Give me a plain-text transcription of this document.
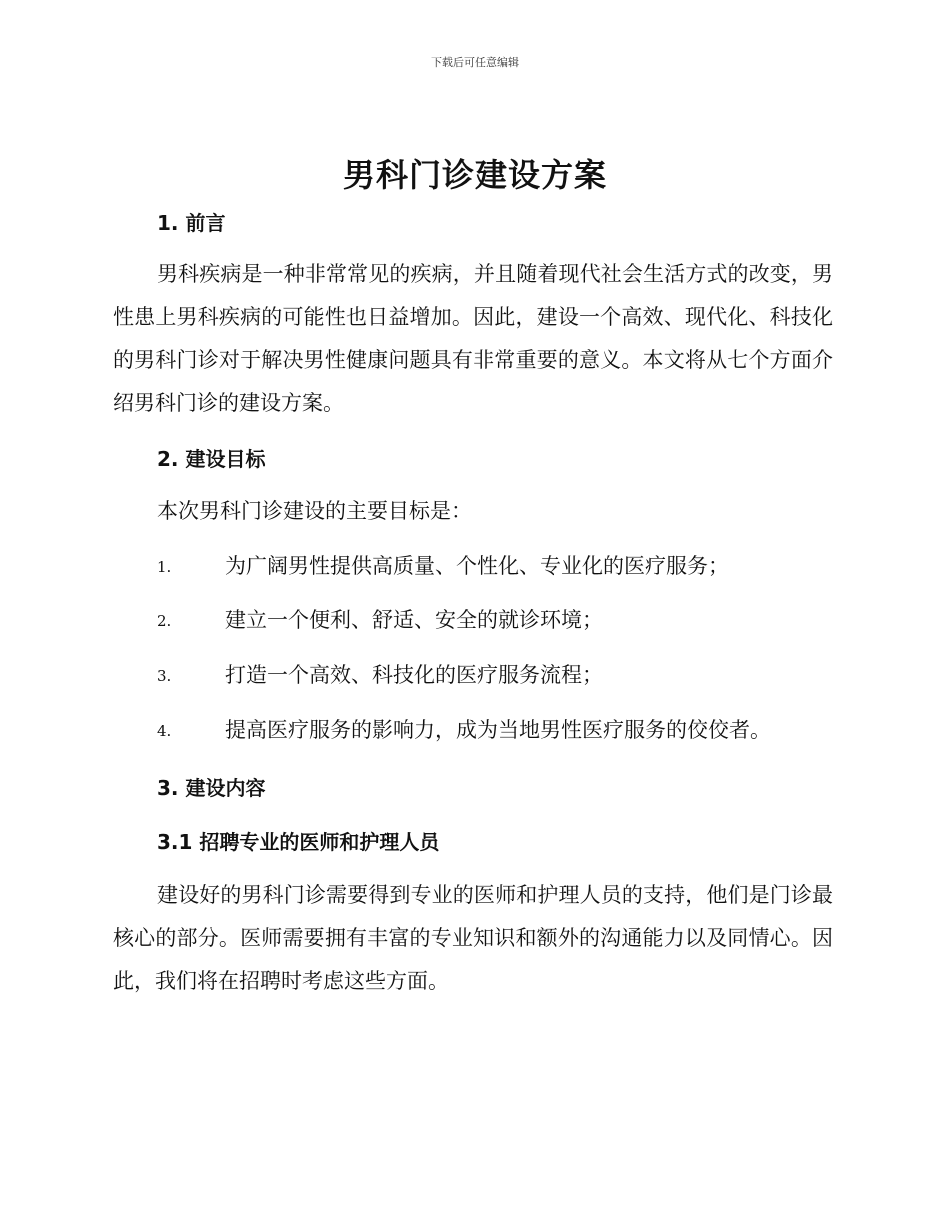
下载后可任意编辑
男科门诊建设方案
1. 前言
男科疾病是一种非常常见的疾病，并且随着现代社会生活方式的改变，男性患上男科疾病的可能性也日益增加。因此，建设一个高效、现代化、科技化的男科门诊对于解决男性健康问题具有非常重要的意义。本文将从七个方面介绍男科门诊的建设方案。
2. 建设目标
本次男科门诊建设的主要目标是：
1.	为广阔男性提供高质量、个性化、专业化的医疗服务；
2.	建立一个便利、舒适、安全的就诊环境；
3.	打造一个高效、科技化的医疗服务流程；
4.	提高医疗服务的影响力，成为当地男性医疗服务的佼佼者。
3. 建设内容
3.1 招聘专业的医师和护理人员
建设好的男科门诊需要得到专业的医师和护理人员的支持，他们是门诊最核心的部分。医师需要拥有丰富的专业知识和额外的沟通能力以及同情心。因此，我们将在招聘时考虑这些方面。
